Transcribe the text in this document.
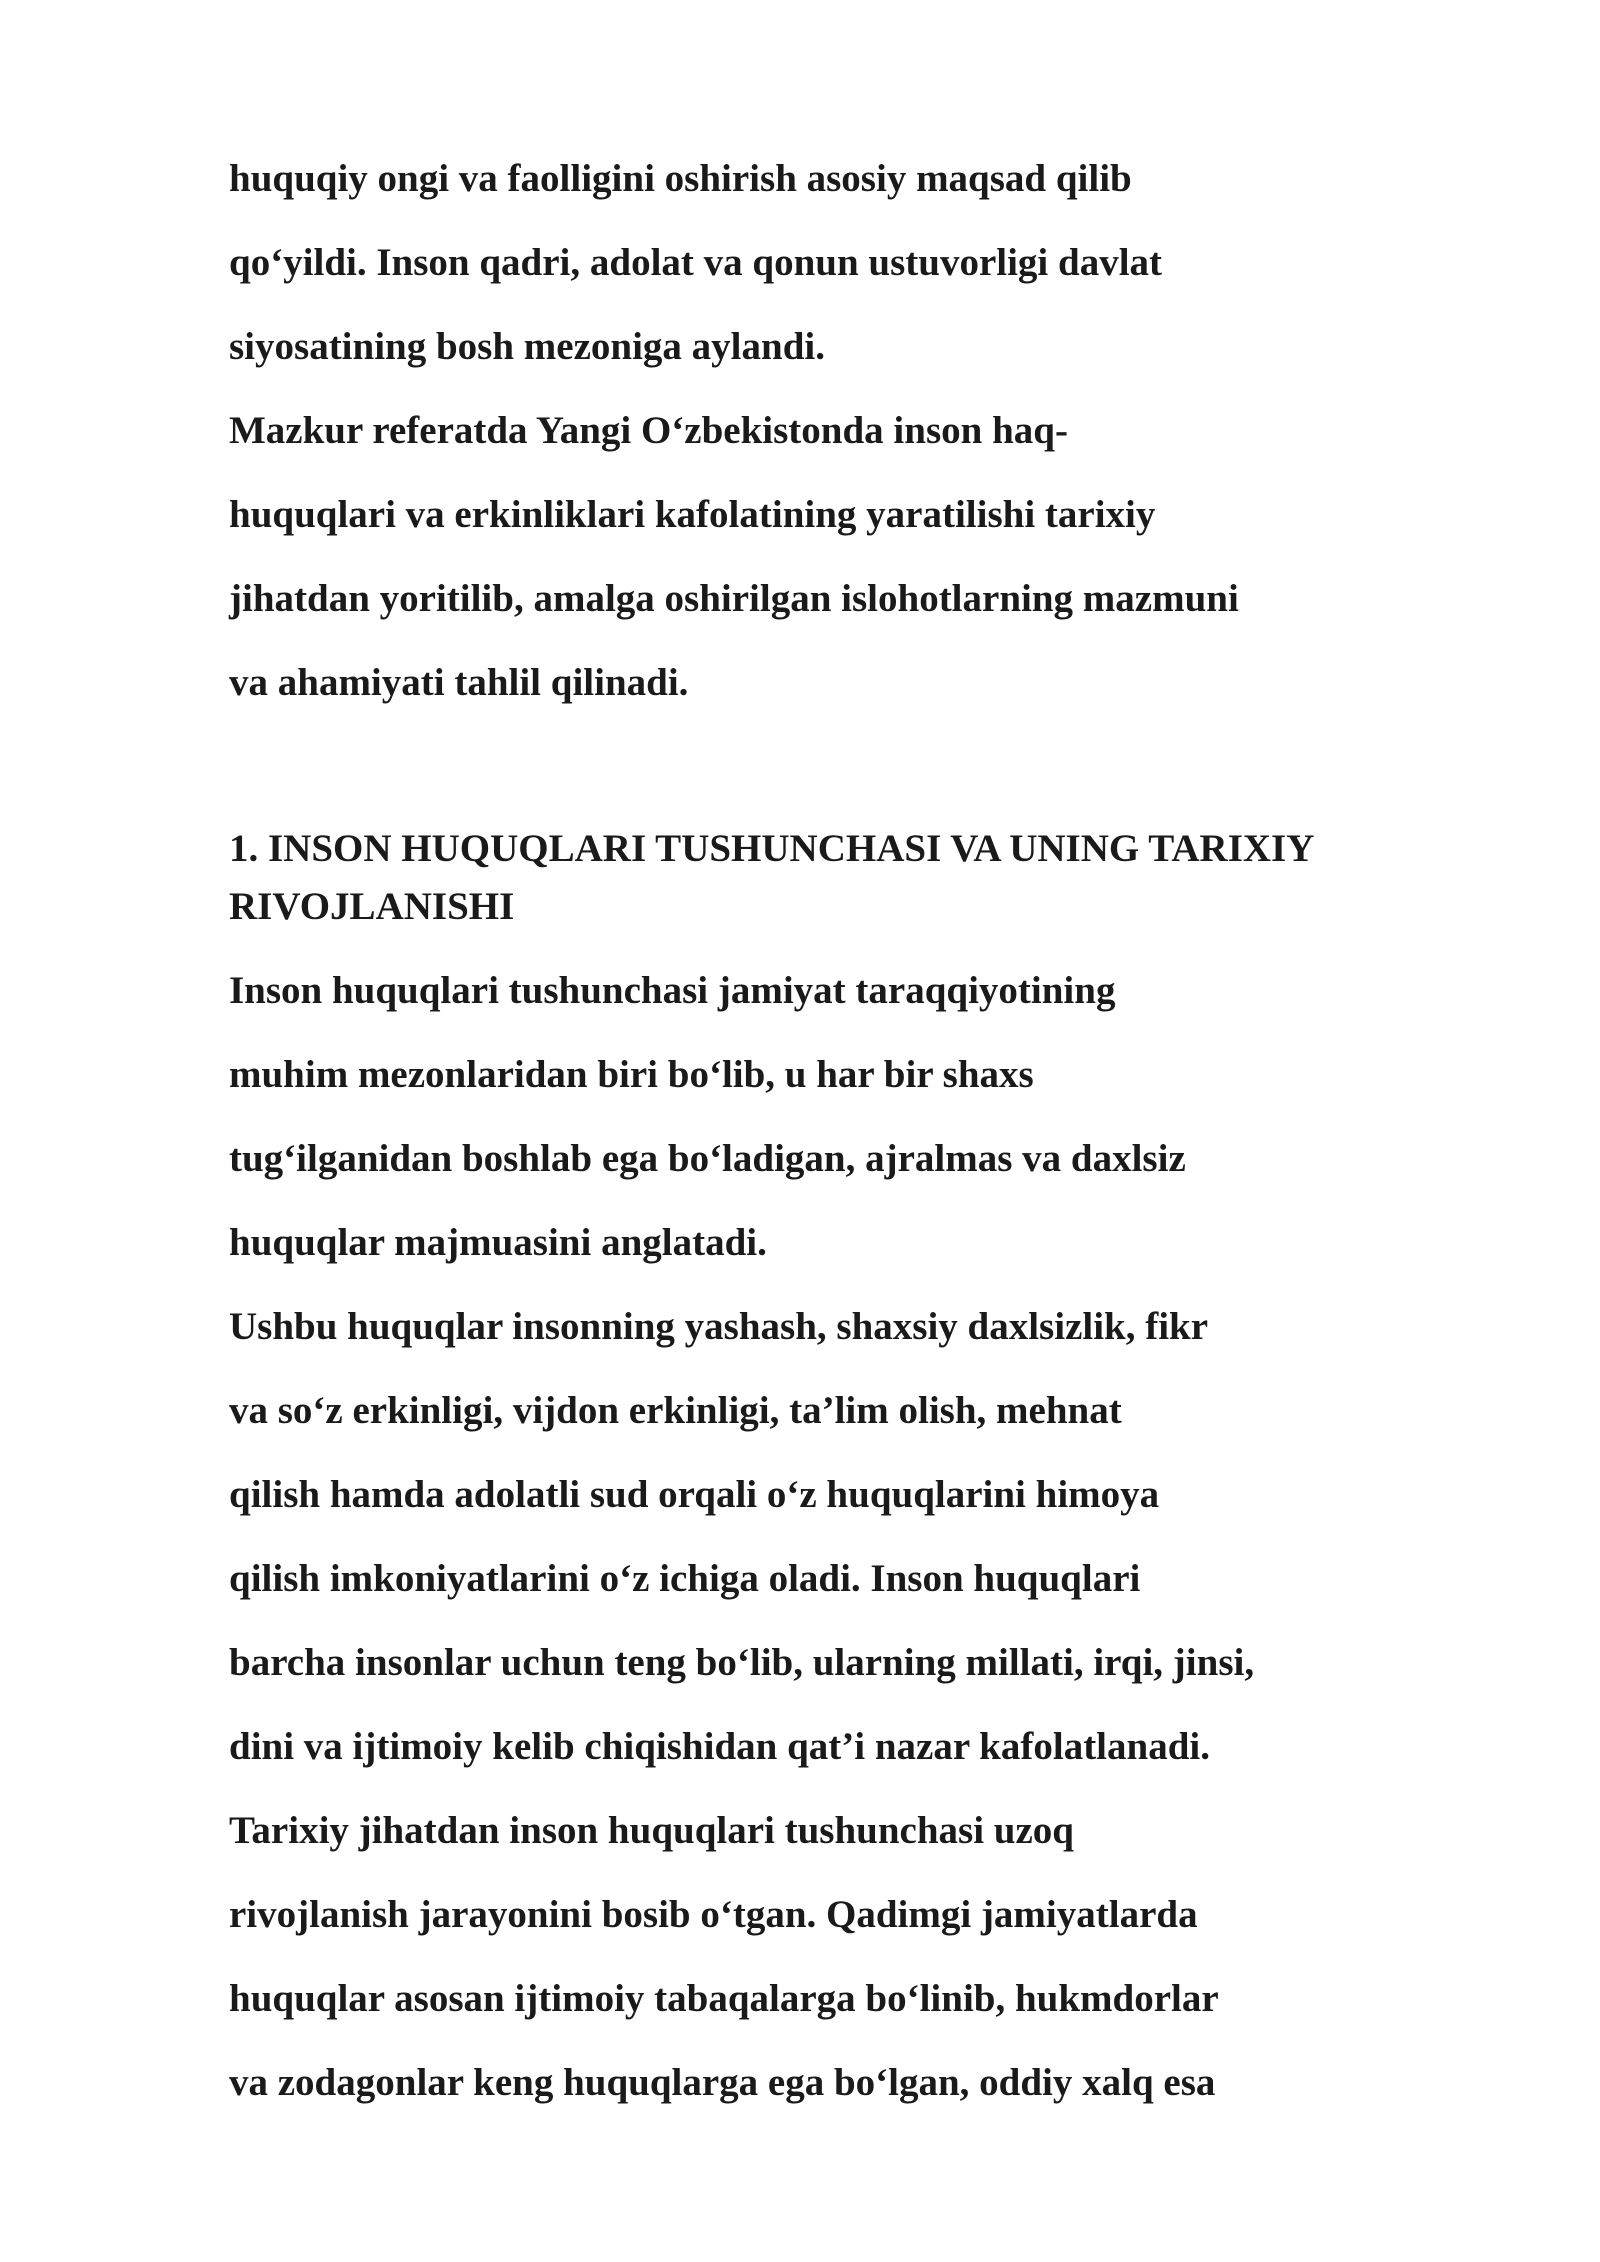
huquqiy ongi va faolligini oshirish asosiy maqsad qilib

qo‘yildi. Inson qadri, adolat va qonun ustuvorligi davlat

siyosatining bosh mezoniga aylandi.

Mazkur referatda Yangi O‘zbekistonda inson haq-

huquqlari va erkinliklari kafolatining yaratilishi tarixiy

jihatdan yoritilib, amalga oshirilgan islohotlarning mazmuni

va ahamiyati tahlil qilinadi.

1. INSON HUQUQLARI TUSHUNCHASI VA UNING TARIXIY

RIVOJLANISHI

Inson huquqlari tushunchasi jamiyat taraqqiyotining

muhim mezonlaridan biri bo‘lib, u har bir shaxs

tug‘ilganidan boshlab ega bo‘ladigan, ajralmas va daxlsiz

huquqlar majmuasini anglatadi.

Ushbu huquqlar insonning yashash, shaxsiy daxlsizlik, fikr

va so‘z erkinligi, vijdon erkinligi, ta’lim olish, mehnat

qilish hamda adolatli sud orqali o‘z huquqlarini himoya

qilish imkoniyatlarini o‘z ichiga oladi. Inson huquqlari

barcha insonlar uchun teng bo‘lib, ularning millati, irqi, jinsi,

dini va ijtimoiy kelib chiqishidan qat’i nazar kafolatlanadi.

Tarixiy jihatdan inson huquqlari tushunchasi uzoq

rivojlanish jarayonini bosib o‘tgan. Qadimgi jamiyatlarda

huquqlar asosan ijtimoiy tabaqalarga bo‘linib, hukmdorlar

va zodagonlar keng huquqlarga ega bo‘lgan, oddiy xalq esa
